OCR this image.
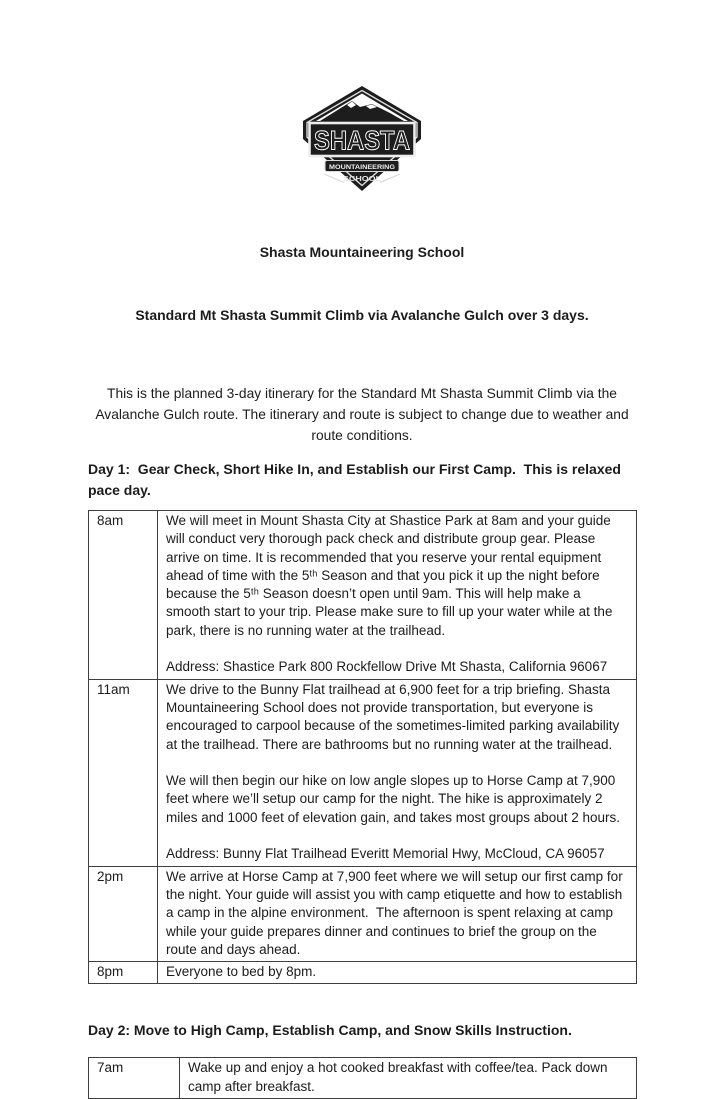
SHASTA
MOUNTAINEERING
SCHOOL

Shasta Mountaineering School

Standard Mt Shasta Summit Climb via Avalanche Gulch over 3 days.

This is the planned 3-day itinerary for the Standard Mt Shasta Summit Climb via the Avalanche Gulch route. The itinerary and route is subject to change due to weather and route conditions.

Day 1:  Gear Check, Short Hike In, and Establish our First Camp.  This is relaxed pace day.
8am	We will meet in Mount Shasta City at Shastice Park at 8am and your guide will conduct very thorough pack check and distribute group gear. Please arrive on time. It is recommended that you reserve your rental equipment ahead of time with the 5ᵗʰ Season and that you pick it up the night before because the 5ᵗʰ Season doesn’t open until 9am. This will help make a smooth start to your trip. Please make sure to fill up your water while at the park, there is no running water at the trailhead.
Address: Shastice Park 800 Rockfellow Drive Mt Shasta, California 96067

11am	We drive to the Bunny Flat trailhead at 6,900 feet for a trip briefing. Shasta Mountaineering School does not provide transportation, but everyone is encouraged to carpool because of the sometimes-limited parking availability at the trailhead. There are bathrooms but no running water at the trailhead.
We will then begin our hike on low angle slopes up to Horse Camp at 7,900 feet where we’ll setup our camp for the night. The hike is approximately 2 miles and 1000 feet of elevation gain, and takes most groups about 2 hours.
Address: Bunny Flat Trailhead Everitt Memorial Hwy, McCloud, CA 96057

2pm	We arrive at Horse Camp at 7,900 feet where we will setup our first camp for the night. Your guide will assist you with camp etiquette and how to establish a camp in the alpine environment.  The afternoon is spent relaxing at camp while your guide prepares dinner and continues to brief the group on the route and days ahead.

8pm	Everyone to bed by 8pm.
Day 2: Move to High Camp, Establish Camp, and Snow Skills Instruction.
7am	Wake up and enjoy a hot cooked breakfast with coffee/tea. Pack down camp after breakfast.
